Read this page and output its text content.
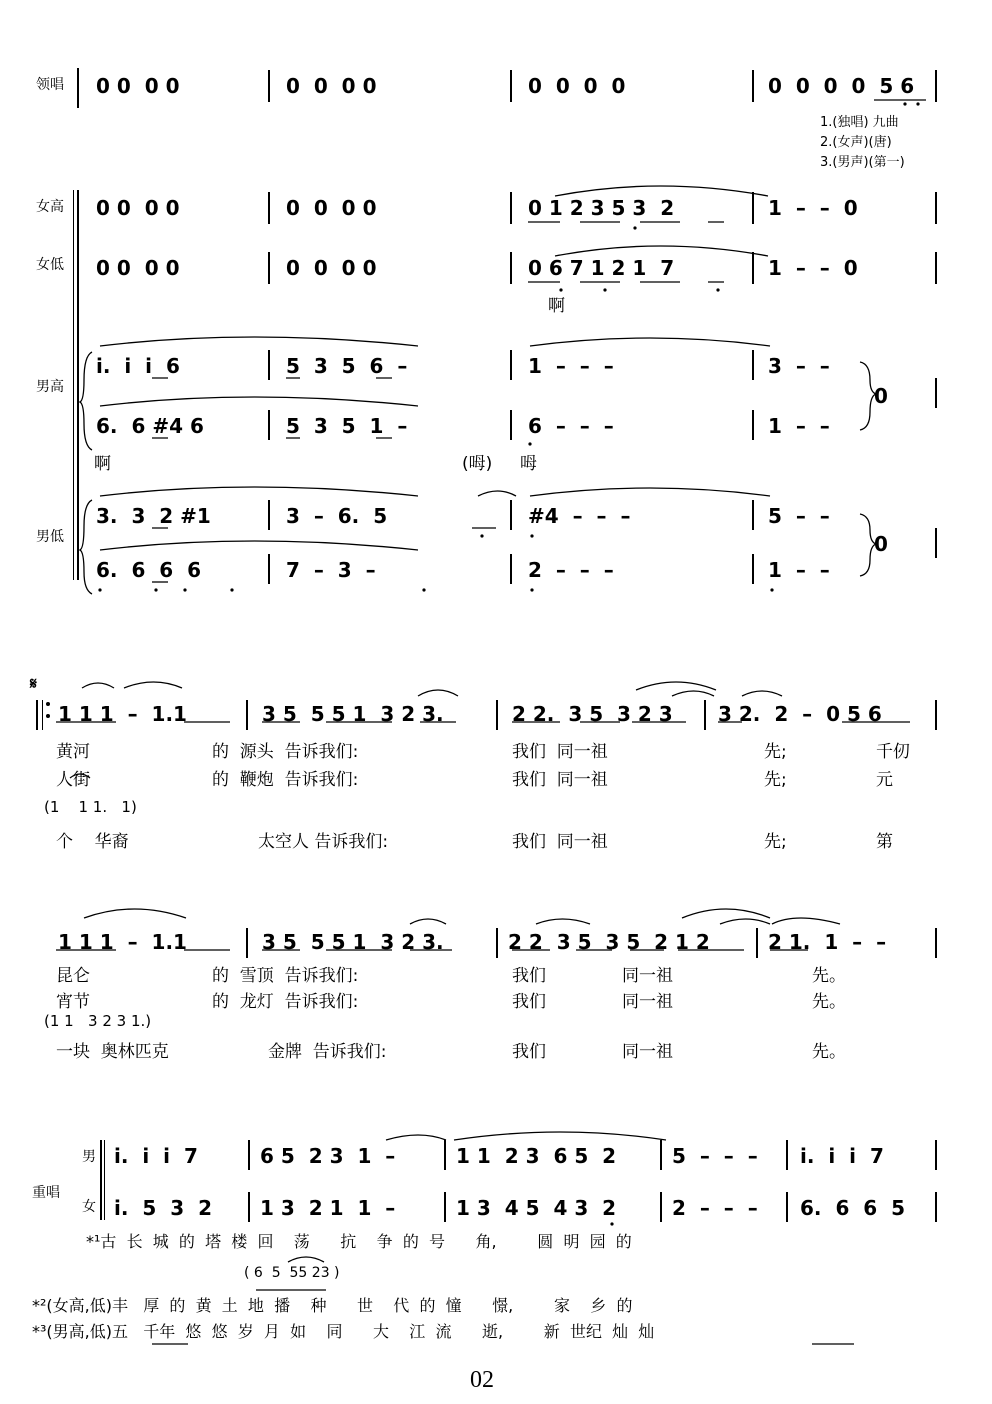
领唱
女高
女低
男高
男低
0 0  0 0	0  0  0 0	0  0  0  0	0  0  0  0  5 6
1.(独唱) 九曲
2.(女声)(唐)
3.(男声)(第一)
0 0  0 0	0  0  0 0	0 1 2 3 5 3  2	1  –  –  0
0 0  0 0	0  0  0 0	0 6 7 1 2 1  7	1  –  –  0
啊
i.  i  i  6	5  3  5  6  –	1  –  –  –	3  –  –
6.  6 #4 6	5  3  5  1  –	6  –  –  –	1  –  –
0
啊	(呣) 呣
3.  3  2 #1	3  –  6.  5	#4  –  –  –	5  –  –
6.  6  6  6	7  –  3  –	2  –  –  –	1  –  –
0
𝄋
1 1 1  –  1.1	3 5  5 5 1  3 2 3.	2 2.  3 5  3 2 3 3 2.  2  –  0 5 6
黄河	的  源头  告诉我们:	我们  同一祖	先;	千仞
人街	的  鞭炮  告诉我们:	我们  同一祖	先;	元
(1    1 1.   1)
个    华裔	太空人 告诉我们:	我们  同一祖	先;	第
1 1 1  –  1.1	3 5  5 5 1  3 2 3.	2 2  3 5  3 5  2 1 2	2 1.  1  –  –
昆仑	的  雪顶  告诉我们:	我们	同一祖	先。
宵节	的  龙灯  告诉我们:	我们	同一祖	先。
(1 1   3 2 3 1.)
一块  奥林匹克	金牌  告诉我们:	我们	同一祖	先。
重唱
男
女
i.  i  i  7	6 5  2 3  1  –	1 1  2 3  6 5  2	5  –  –  – i.  i  i  7
i.  5  3  2 1 3  2 1  1  –	1 3  4 5  4 3  2	2  –  –  – 6.  6  6  5
*¹古  长  城  的  塔  楼  回    荡      抗    争  的  号      角,        圆  明  园  的
( 6  5  55 23 )
*²(女高,低)丰   厚  的  黄  土  地  播    种      世    代  的  憧      憬,        家    乡  的
*³(男高,低)五   千年  悠  悠  岁  月  如    同      大    江  流      逝,        新  世纪  灿  灿
02
